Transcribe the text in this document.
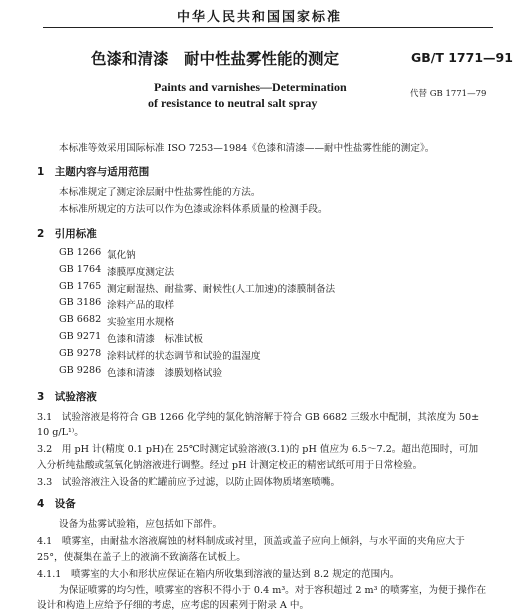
中华人民共和国国家标准
色漆和清漆　耐中性盐雾性能的测定	GB/T 1771—91
Paints and varnishes—Determination
of resistance to neutral salt spray
代替 GB 1771—79
本标准等效采用国际标准 ISO 7253—1984《色漆和清漆——耐中性盐雾性能的测定》。
1　主题内容与适用范围
本标准规定了测定涂层耐中性盐雾性能的方法。
本标准所规定的方法可以作为色漆或涂料体系质量的检测手段。
2　引用标准
GB 1266 氯化钠
GB 1764 漆膜厚度测定法
GB 1765 测定耐湿热、耐盐雾、耐候性(人工加速)的漆膜制备法
GB 3186 涂料产品的取样
GB 6682 实验室用水规格
GB 9271 色漆和清漆　标准试板
GB 9278 涂料试样的状态调节和试验的温湿度
GB 9286 色漆和清漆　漆膜划格试验
3　试验溶液
3.1　试验溶液是将符合 GB 1266 化学纯的氯化钠溶解于符合 GB 6682 三级水中配制，其浓度为 50±
10 g/L¹⁾。
3.2　用 pH 计(精度 0.1 pH)在 25℃时测定试验溶液(3.1)的 pH 值应为 6.5～7.2。超出范围时，可加
入分析纯盐酸或氢氧化钠溶液进行调整。经过 pH 计测定校正的精密试纸可用于日常检验。
3.3　试验溶液注入设备的贮罐前应予过滤，以防止固体物质堵塞喷嘴。
4　设备
设备为盐雾试验箱，应包括如下部件。
4.1　喷雾室，由耐盐水溶液腐蚀的材料制成或衬里，顶盖或盖子应向上倾斜，与水平面的夹角应大于
25°，使凝集在盖子上的液滴不致滴落在试板上。
4.1.1　喷雾室的大小和形状应保证在箱内所收集到溶液的量达到 8.2 规定的范围内。
为保证喷雾的均匀性，喷雾室的容积不得小于 0.4 m³。对于容积超过 2 m³ 的喷雾室，为便于操作在
设计和构造上应给予仔细的考虑，应考虑的因素列于附录 A 中。
